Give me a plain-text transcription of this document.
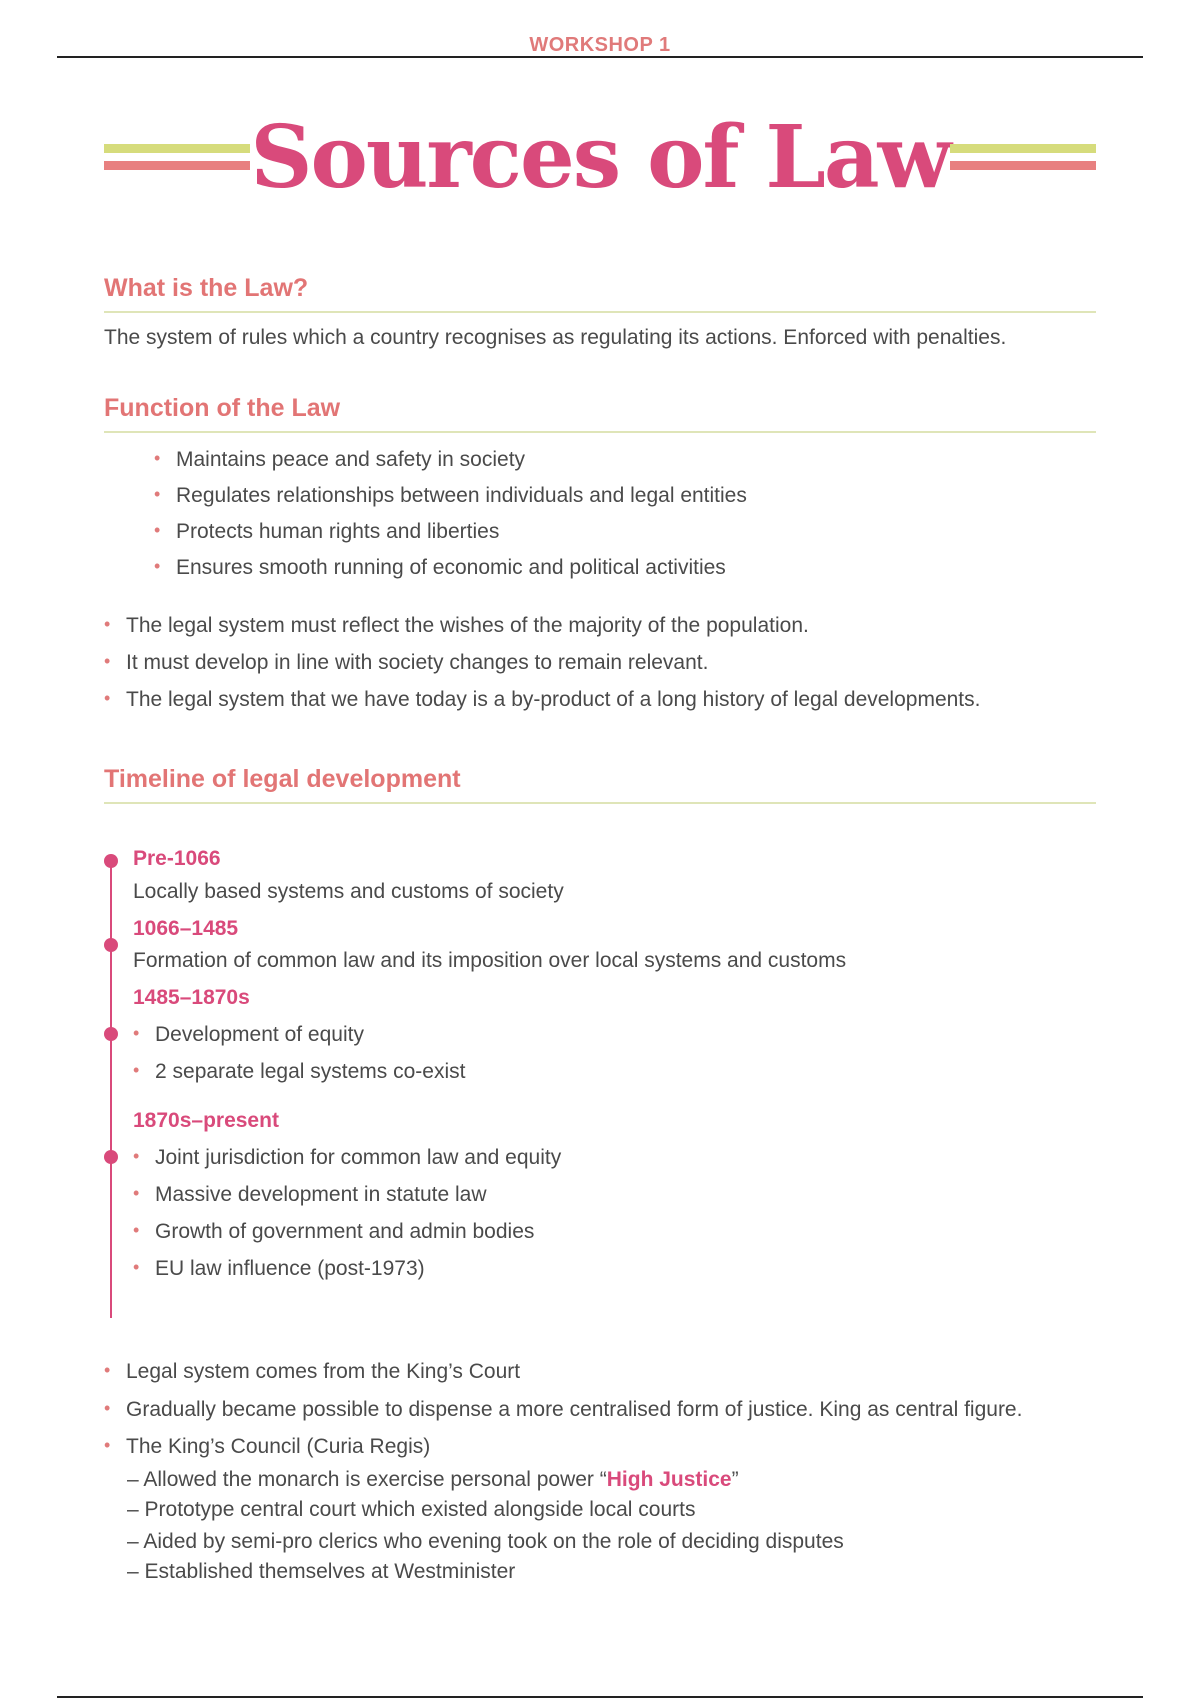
WORKSHOP 1
Sources of Law
What is the Law?
The system of rules which a country recognises as regulating its actions. Enforced with penalties.
Function of the Law
• Maintains peace and safety in society
• Regulates relationships between individuals and legal entities
• Protects human rights and liberties
• Ensures smooth running of economic and political activities
• The legal system must reflect the wishes of the majority of the population.
• It must develop in line with society changes to remain relevant.
• The legal system that we have today is a by-product of a long history of legal developments.
Timeline of legal development
Pre-1066
Locally based systems and customs of society
1066–1485
Formation of common law and its imposition over local systems and customs
1485–1870s
• Development of equity
• 2 separate legal systems co-exist
1870s–present
• Joint jurisdiction for common law and equity
• Massive development in statute law
• Growth of government and admin bodies
• EU law influence (post-1973)
• Legal system comes from the King’s Court
• Gradually became possible to dispense a more centralised form of justice. King as central figure.
• The King’s Council (Curia Regis)
– Allowed the monarch is exercise personal power “High Justice”
– Prototype central court which existed alongside local courts
– Aided by semi-pro clerics who evening took on the role of deciding disputes
– Established themselves at Westminister
